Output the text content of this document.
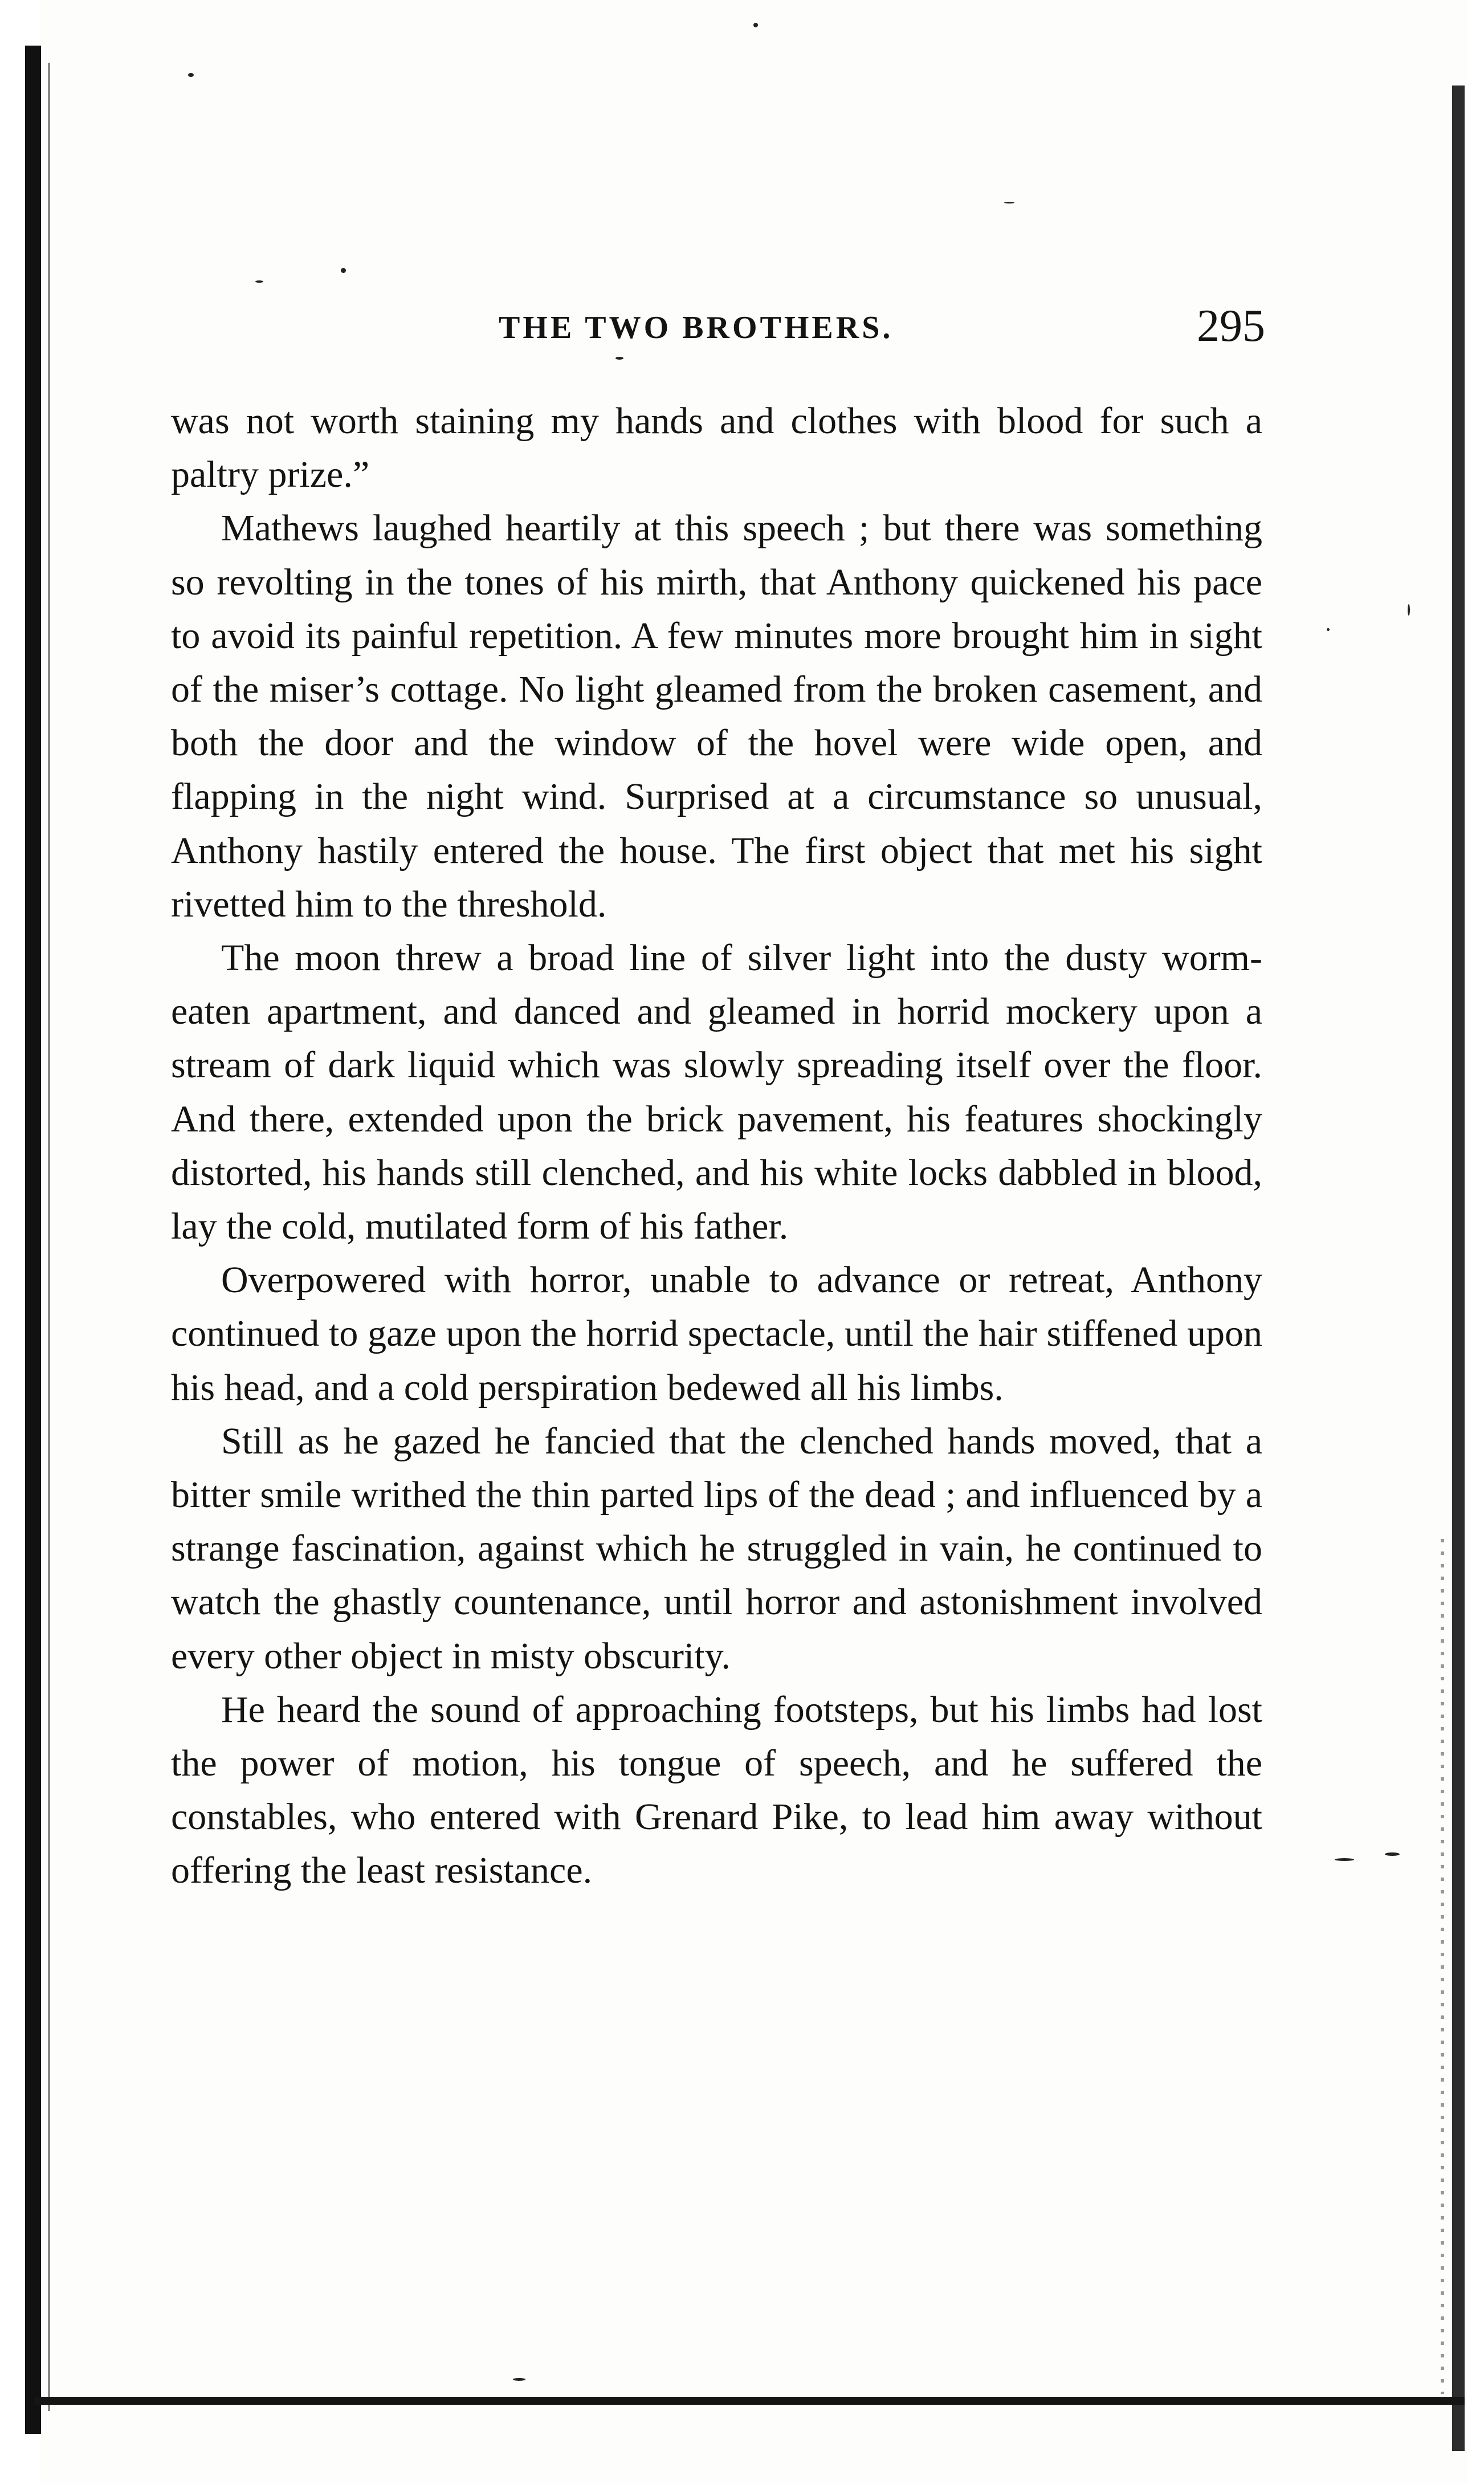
THE TWO BROTHERS.	295

was not worth staining my hands and clothes with blood for such a paltry prize.”

Mathews laughed heartily at this speech ; but there was something so revolting in the tones of his mirth, that Anthony quickened his pace to avoid its painful repetition. A few minutes more brought him in sight of the miser’s cottage. No light gleamed from the broken casement, and both the door and the window of the hovel were wide open, and flapping in the night wind. Surprised at a circumstance so unusual, Anthony hastily entered the house. The first object that met his sight rivetted him to the threshold.

The moon threw a broad line of silver light into the dusty worm-eaten apartment, and danced and gleamed in horrid mockery upon a stream of dark liquid which was slowly spreading itself over the floor. And there, extended upon the brick pavement, his features shockingly distorted, his hands still clenched, and his white locks dabbled in blood, lay the cold, mutilated form of his father.

Overpowered with horror, unable to advance or retreat, Anthony continued to gaze upon the horrid spectacle, until the hair stiffened upon his head, and a cold perspiration bedewed all his limbs.

Still as he gazed he fancied that the clenched hands moved, that a bitter smile writhed the thin parted lips of the dead ; and influenced by a strange fascination, against which he struggled in vain, he continued to watch the ghastly countenance, until horror and astonishment involved every other object in misty obscurity.

He heard the sound of approaching footsteps, but his limbs had lost the power of motion, his tongue of speech, and he suffered the constables, who entered with Grenard Pike, to lead him away without offering the least resistance.
